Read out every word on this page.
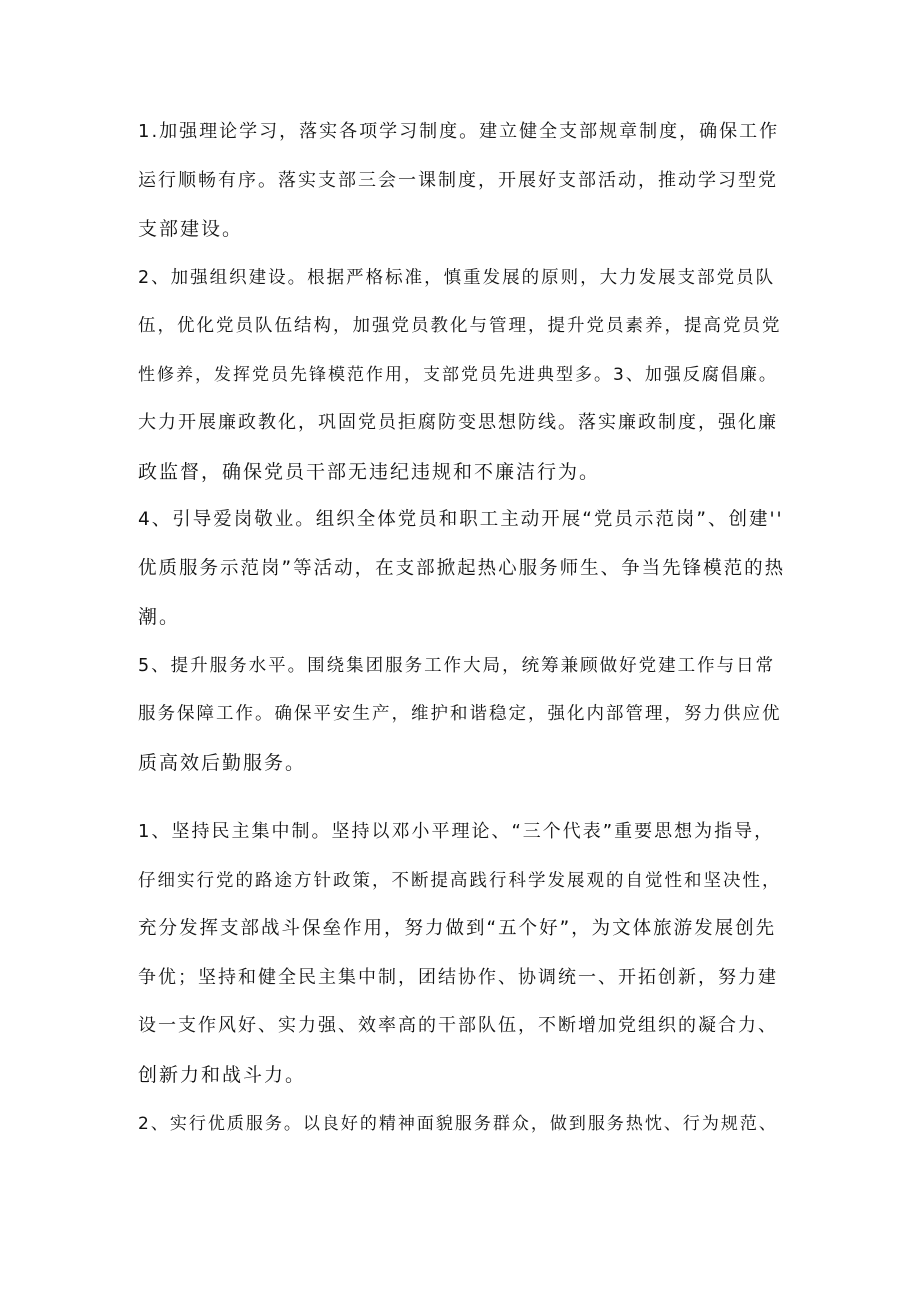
1.加强理论学习，落实各项学习制度。建立健全支部规章制度，确保工作
运行顺畅有序。落实支部三会一课制度，开展好支部活动，推动学习型党
支部建设。
2、加强组织建设。根据严格标准，慎重发展的原则，大力发展支部党员队
伍，优化党员队伍结构，加强党员教化与管理，提升党员素养，提高党员党
性修养，发挥党员先锋模范作用，支部党员先进典型多。3、加强反腐倡廉。
大力开展廉政教化，巩固党员拒腐防变思想防线。落实廉政制度，强化廉
政监督，确保党员干部无违纪违规和不廉洁行为。
4、引导爱岗敬业。组织全体党员和职工主动开展“党员示范岗”、创建''
优质服务示范岗”等活动，在支部掀起热心服务师生、争当先锋模范的热
潮。
5、提升服务水平。围绕集团服务工作大局，统筹兼顾做好党建工作与日常
服务保障工作。确保平安生产，维护和谐稳定，强化内部管理，努力供应优
质高效后勤服务。
1、坚持民主集中制。坚持以邓小平理论、“三个代表”重要思想为指导，
仔细实行党的路途方针政策，不断提高践行科学发展观的自觉性和坚决性，
充分发挥支部战斗保垒作用，努力做到“五个好”，为文体旅游发展创先
争优；坚持和健全民主集中制，团结协作、协调统一、开拓创新，努力建
设一支作风好、实力强、效率高的干部队伍，不断增加党组织的凝合力、
创新力和战斗力。
2、实行优质服务。以良好的精神面貌服务群众，做到服务热忱、行为规范、
